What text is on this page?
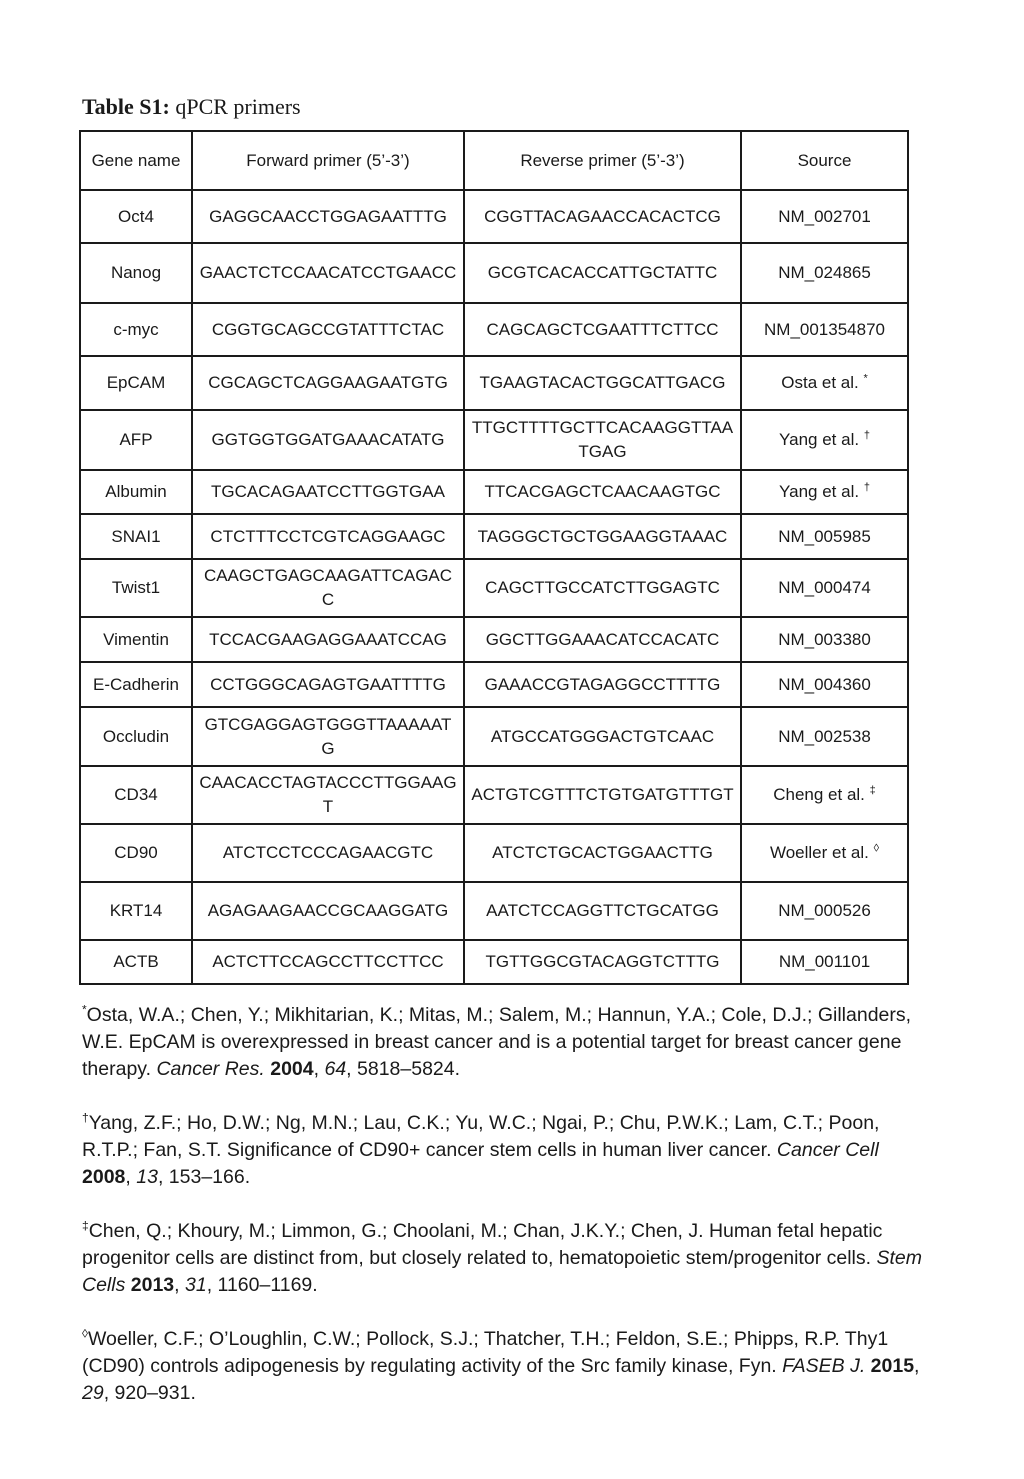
Table S1: qPCR primers
Gene name	Forward primer (5’-3’)	Reverse primer (5’-3’)	Source
Oct4	GAGGCAACCTGGAGAATTTG	CGGTTACAGAACCACACTCG	NM_002701
Nanog	GAACTCTCCAACATCCTGAACC	GCGTCACACCATTGCTATTC	NM_024865
c-myc	CGGTGCAGCCGTATTTCTAC	CAGCAGCTCGAATTTCTTCC	NM_001354870
EpCAM	CGCAGCTCAGGAAGAATGTG	TGAAGTACACTGGCATTGACG	Osta et al. *
AFP	GGTGGTGGATGAAACATATG	TTGCTTTTGCTTCACAAGGTTAATGAG	Yang et al. †
Albumin	TGCACAGAATCCTTGGTGAA	TTCACGAGCTCAACAAGTGC	Yang et al. †
SNAI1	CTCTTTCCTCGTCAGGAAGC	TAGGGCTGCTGGAAGGTAAAC	NM_005985
Twist1	CAAGCTGAGCAAGATTCAGACC	CAGCTTGCCATCTTGGAGTC	NM_000474
Vimentin	TCCACGAAGAGGAAATCCAG	GGCTTGGAAACATCCACATC	NM_003380
E-Cadherin	CCTGGGCAGAGTGAATTTTG	GAAACCGTAGAGGCCTTTTG	NM_004360
Occludin	GTCGAGGAGTGGGTTAAAAATG	ATGCCATGGGACTGTCAAC	NM_002538
CD34	CAACACCTAGTACCCTTGGAAGT	ACTGTCGTTTCTGTGATGTTTGT	Cheng et al. ‡
CD90	ATCTCCTCCCAGAACGTC	ATCTCTGCACTGGAACTTG	Woeller et al. ◊
KRT14	AGAGAAGAACCGCAAGGATG	AATCTCCAGGTTCTGCATGG	NM_000526
ACTB	ACTCTTCCAGCCTTCCTTCC	TGTTGGCGTACAGGTCTTTG	NM_001101
*Osta, W.A.; Chen, Y.; Mikhitarian, K.; Mitas, M.; Salem, M.; Hannun, Y.A.; Cole, D.J.; Gillanders, W.E. EpCAM is overexpressed in breast cancer and is a potential target for breast cancer gene therapy. Cancer Res. 2004, 64, 5818–5824.
†Yang, Z.F.; Ho, D.W.; Ng, M.N.; Lau, C.K.; Yu, W.C.; Ngai, P.; Chu, P.W.K.; Lam, C.T.; Poon, R.T.P.; Fan, S.T. Significance of CD90+ cancer stem cells in human liver cancer. Cancer Cell 2008, 13, 153–166.
‡Chen, Q.; Khoury, M.; Limmon, G.; Choolani, M.; Chan, J.K.Y.; Chen, J. Human fetal hepatic progenitor cells are distinct from, but closely related to, hematopoietic stem/progenitor cells. Stem Cells 2013, 31, 1160–1169.
◊Woeller, C.F.; O’Loughlin, C.W.; Pollock, S.J.; Thatcher, T.H.; Feldon, S.E.; Phipps, R.P. Thy1 (CD90) controls adipogenesis by regulating activity of the Src family kinase, Fyn. FASEB J. 2015, 29, 920–931.
